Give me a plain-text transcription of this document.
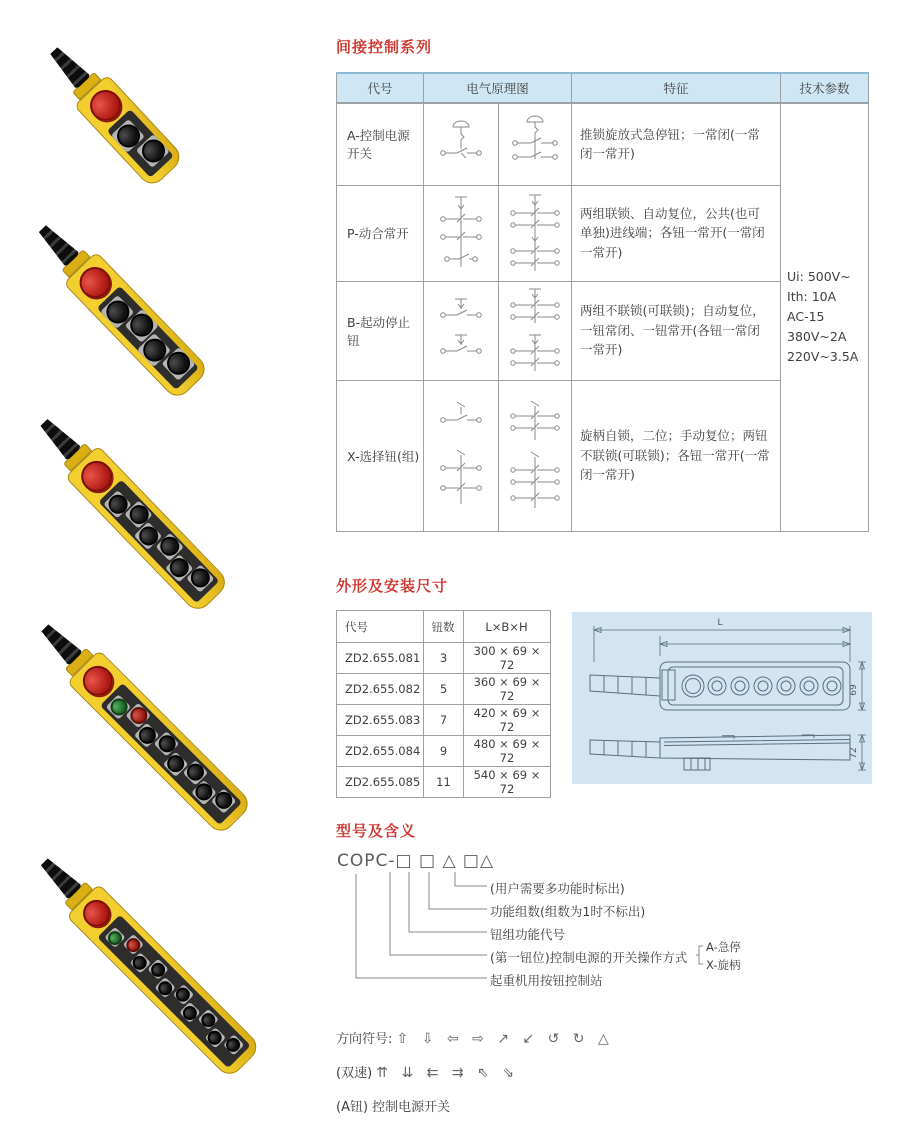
间接控制系列
代号	电气原理图		特征	技术参数
A-控制电源开关			推锁旋放式急停钮；一常闭(一常闭一常开)	Ui: 500V~
Ith: 10A
AC-15
380V~2A
220V~3.5A

P-动合常开			两组联锁、自动复位，公共(也可单独)进线端；各钮一常开(一常闭一常开)	
B-起动停止钮			两组不联锁(可联锁)；自动复位，一钮常闭、一钮常开(各钮一常闭一常开)	
X-选择钮(组)			旋柄自锁，二位；手动复位；两钮不联锁(可联锁)；各钮一常开(一常闭一常开)	
外形及安装尺寸
代号	钮数	L×B×H
ZD2.655.081	3	300 × 69 × 72
ZD2.655.082	5	360 × 69 × 72
ZD2.655.083	7	420 × 69 × 72
ZD2.655.084	9	480 × 69 × 72
ZD2.655.085	11	540 × 69 × 72
L
69
72
型号及含义
COPC-□ □ △ □△
(用户需要多功能时标出)
功能组数(组数为1时不标出)
钮组功能代号
(第一钮位)控制电源的开关操作方式
起重机用按钮控制站
A-急停
X-旋柄
方向符号: ⇧ ⇩ ⇦ ⇨ ↗ ↙ ↺ ↻ △
(双速) ⇈ ⇊ ⇇ ⇉ ⇖ ⇘
(A钮) 控制电源开关
